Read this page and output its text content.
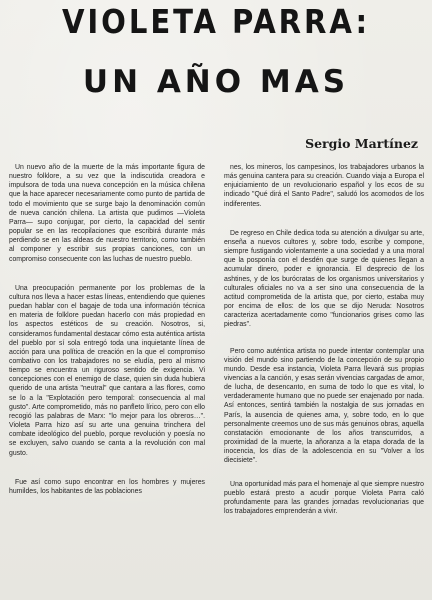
VIOLETA PARRA:
UN AÑO MAS
Sergio Martínez

Un nuevo año de la muerte de la más importante figura de nuestro folklore, a su vez que la indiscutida creadora e impulsora de toda una nueva concepción en la música chilena que la hace aparecer necesariamente como punto de partida de todo el movimiento que se surge bajo la denominación común de nueva canción chilena. La artista que pudimos —Violeta Parra— supo conjugar, por cierto, la capacidad del sentir popular se en las recopilaciones que escribirá durante más perdiendo se en las aldeas de nuestro territorio, como también al componer y escribir sus propias canciones, con un compromiso consecuente con las luchas de nuestro pueblo.

Una preocupación permanente por los problemas de la cultura nos lleva a hacer estas líneas, entendiendo que quienes puedan hablar con el bagaje de toda una información técnica en materia de folklore puedan hacerlo con más propiedad en los aspectos estéticos de su creación. Nosotros, si, consideramos fundamental destacar cómo esta auténtica artista del pueblo por sí sola entregó toda una inquietante línea de acción para una política de creación en la que el compromiso combativo con los trabajadores no se eludía, pero al mismo tiempo se encuentra un riguroso sentido de exigencia. Vi concepciones con el enemigo de clase, quien sin duda hubiera querido de una artista "neutral" que cantara a las flores, como se lo a la "Explotación pero temporal: consecuencia al mal gusto". Arte comprometido, más no panfleto lírico, pero con ello recogió las palabras de Marx: "lo mejor para los obreros…". Violeta Parra hizo así su arte una genuina trinchera del combate ideológico del pueblo, porque revolución y poesía no se excluyen, salvo cuando se canta a la revolución con mal gusto.

Fue así como supo encontrar en los hombres y mujeres humildes, los habitantes de las poblaciones

nes, los mineros, los campesinos, los trabajadores urbanos la más genuina cantera para su creación. Cuando viaja a Europa el enjuiciamiento de un revolucionario español y los ecos de su indicado "Qué dirá el Santo Padre", saludó los acomodos de los indiferentes.

De regreso en Chile dedica toda su atención a divulgar su arte, enseña a nuevos cultores y, sobre todo, escribe y compone, siempre fustigando violentamente a una sociedad y a una moral que la posponía con el desdén que surge de quienes llegan a acumular dinero, poder e ignorancia. El desprecio de los ashtines, y de los burócratas de los organismos universitarios y culturales oficiales no va a ser sino una consecuencia de la actitud comprometida de la artista que, por cierto, estaba muy por encima de ellos: de los que se dijo Neruda: Nosotros caracteriza acertadamente como "funcionarios grises como las piedras".

Pero como auténtica artista no puede intentar contemplar una visión del mundo sino partiendo de la concepción de su propio mundo. Desde esa instancia, Violeta Parra llevará sus propias vivencias a la canción, y esas serán vivencias cargadas de amor, de lucha, de desencanto, en suma de todo lo que es vital, lo verdaderamente humano que no puede ser enajenado por nada. Así entonces, sentirá también la nostalgia de sus jornadas en París, la ausencia de quienes ama, y, sobre todo, en lo que personalmente creemos uno de sus más genuinos obras, aquella constatación emocionante de los años transcurridos, a proximidad de la muerte, la añoranza a la etapa dorada de la inocencia, los días de la adolescencia en su "Volver a los diecisiete".

Una oportunidad más para el homenaje al que siempre nuestro pueblo estará presto a acudir porque Violeta Parra caló profundamente para las grandes jornadas revolucionarias que los trabajadores emprenderán a vivir.
